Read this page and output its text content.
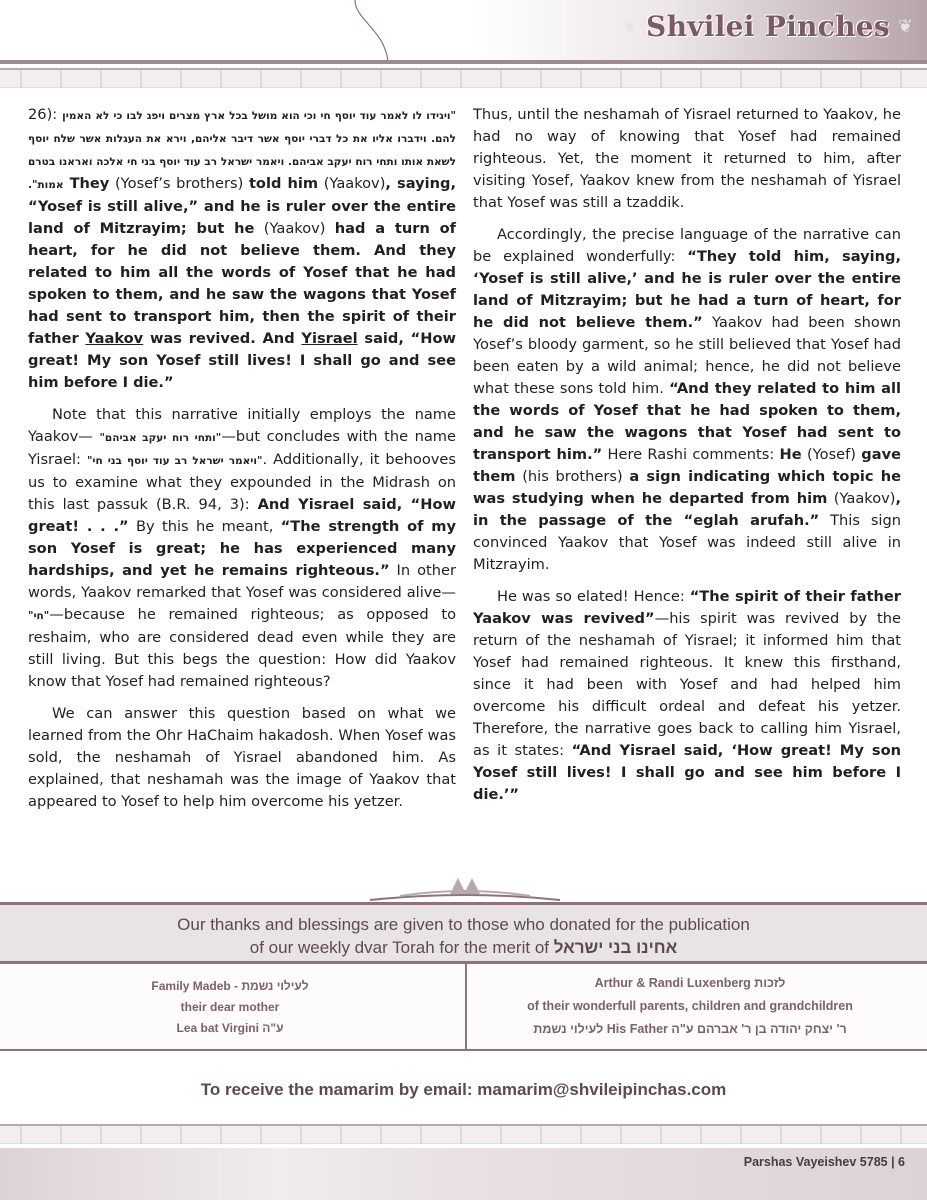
❦ Shvilei Pinches ❦

26): "ויגידו לו לאמר עוד יוסף חי וכי הוא מושל בכל ארץ מצרים ויפג לבו כי לא האמין להם. וידברו אליו את כל דברי יוסף אשר דיבר אליהם, וירא את העגלות אשר שלח יוסף לשאת אותו ותחי רוח יעקב אביהם. ויאמר ישראל רב עוד יוסף בני חי אלכה ואראנו בטרם אמות". They (Yosef’s brothers) told him (Yaakov), saying, “Yosef is still alive,” and he is ruler over the entire land of Mitzrayim; but he (Yaakov) had a turn of heart, for he did not believe them. And they related to him all the words of Yosef that he had spoken to them, and he saw the wagons that Yosef had sent to transport him, then the spirit of their father Yaakov was revived. And Yisrael said, “How great! My son Yosef still lives! I shall go and see him before I die.”

Note that this narrative initially employs the name Yaakov— "ותחי רוח יעקב אביהם"—but concludes with the name Yisrael: "ויאמר ישראל רב עוד יוסף בני חי". Additionally, it behooves us to examine what they expounded in the Midrash on this last passuk (B.R. 94, 3): And Yisrael said, “How great! . . .” By this he meant, “The strength of my son Yosef is great; he has experienced many hardships, and yet he remains righteous.” In other words, Yaakov remarked that Yosef was considered alive— "חי"—because he remained righteous; as opposed to reshaim, who are considered dead even while they are still living. But this begs the question: How did Yaakov know that Yosef had remained righteous?

We can answer this question based on what we learned from the Ohr HaChaim hakadosh. When Yosef was sold, the neshamah of Yisrael abandoned him. As explained, that neshamah was the image of Yaakov that appeared to Yosef to help him overcome his yetzer.

Thus, until the neshamah of Yisrael returned to Yaakov, he had no way of knowing that Yosef had remained righteous. Yet, the moment it returned to him, after visiting Yosef, Yaakov knew from the neshamah of Yisrael that Yosef was still a tzaddik.

Accordingly, the precise language of the narrative can be explained wonderfully: “They told him, saying, ‘Yosef is still alive,’ and he is ruler over the entire land of Mitzrayim; but he had a turn of heart, for he did not believe them.” Yaakov had been shown Yosef’s bloody garment, so he still believed that Yosef had been eaten by a wild animal; hence, he did not believe what these sons told him. “And they related to him all the words of Yosef that he had spoken to them, and he saw the wagons that Yosef had sent to transport him.” Here Rashi comments: He (Yosef) gave them (his brothers) a sign indicating which topic he was studying when he departed from him (Yaakov), in the passage of the “eglah arufah.” This sign convinced Yaakov that Yosef was indeed still alive in Mitzrayim.

He was so elated! Hence: “The spirit of their father Yaakov was revived”—his spirit was revived by the return of the neshamah of Yisrael; it informed him that Yosef had remained righteous. It knew this firsthand, since it had been with Yosef and had helped him overcome his difficult ordeal and defeat his yetzer. Therefore, the narrative goes back to calling him Yisrael, as it states: “And Yisrael said, ‘How great! My son Yosef still lives! I shall go and see him before I die.’”

Our thanks and blessings are given to those who donated for the publication
of our weekly dvar Torah for the merit of אחינו בני ישראל
Family Madeb - לעילוי נשמת
their dear mother
Lea bat Virgini ע"ה
Arthur & Randi Luxenberg לזכות
of their wonderfull parents, children and grandchildren
לעילוי נשמת His Father ר' יצחק יהודה בן ר' אברהם ע"ה
To receive the mamarim by email: mamarim@shvileipinchas.com
Parshas Vayeishev 5785 | 6
